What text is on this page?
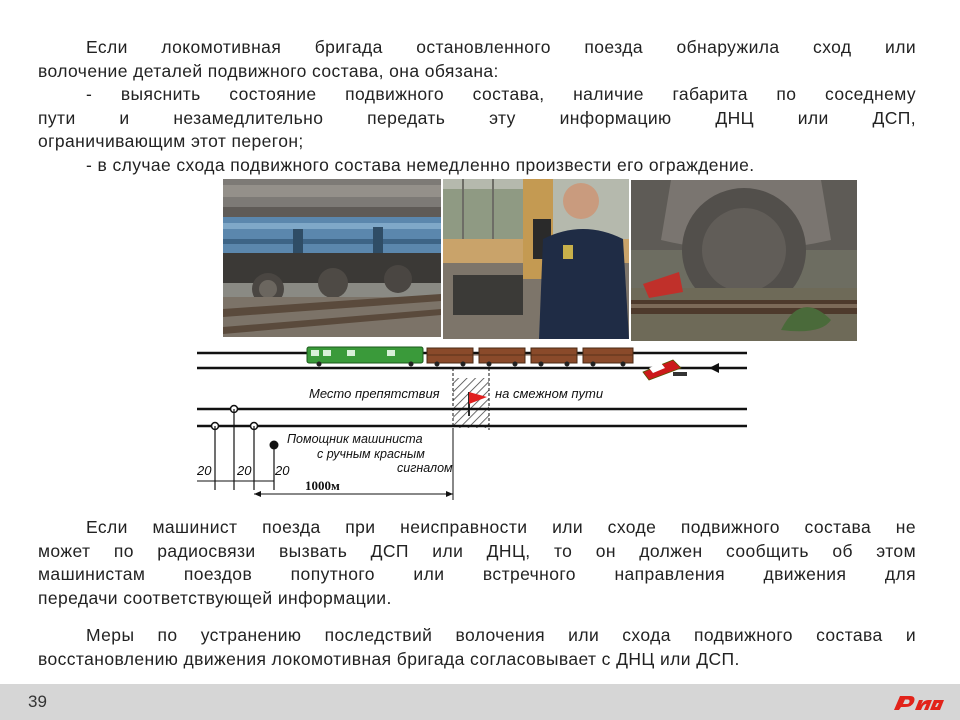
Если локомотивная бригада остановленного поезда обнаружила сход или
волочение деталей подвижного состава, она обязана:
- выяснить состояние подвижного состава, наличие габарита по соседнему
пути и незамедлительно передать эту информацию ДНЦ или ДСП,
ограничивающим этот перегон;
- в случае схода подвижного состава немедленно произвести его ограждение.
Место препятствия	на смежном пути
Помощник машиниста
с ручным красным
сигналом
20 20 20
1000м
Если машинист поезда при неисправности или сходе подвижного состава не
может по радиосвязи вызвать ДСП или ДНЦ, то он должен сообщить об этом
машинистам поездов попутного или встречного направления движения для
передачи соответствующей информации.
Меры по устранению последствий волочения или схода подвижного состава и
восстановлению движения локомотивная бригада согласовывает с ДНЦ или ДСП.
39
